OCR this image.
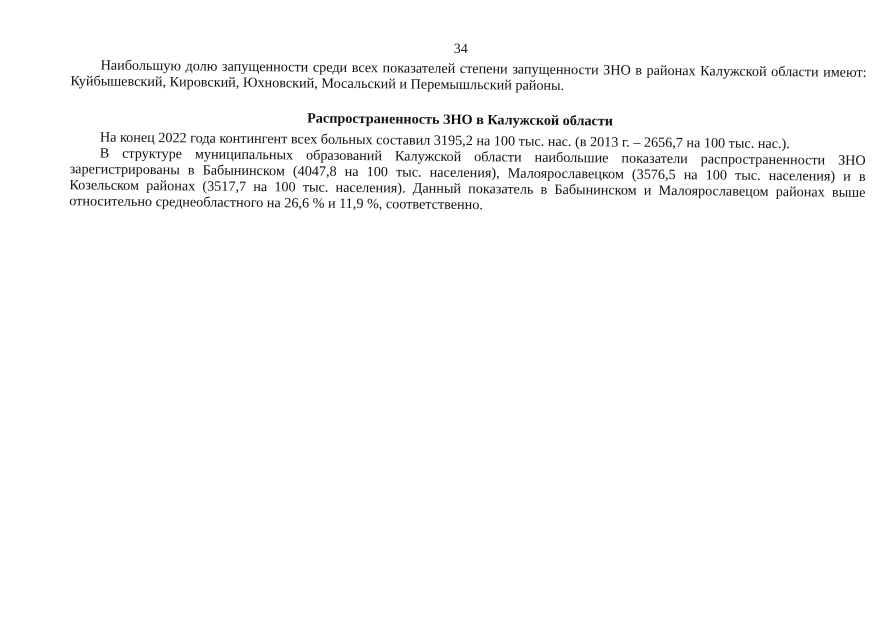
34

Наибольшую долю запущенности среди всех показателей степени запущенности ЗНО в районах Калужской области имеют: Куйбышевский, Кировский, Юхновский, Мосальский и Перемышльский районы.

Распространенность ЗНО в Калужской области

На конец 2022 года контингент всех больных составил 3195,2 на 100 тыс. нас. (в 2013 г. – 2656,7 на 100 тыс. нас.).

В структуре муниципальных образований Калужской области наибольшие показатели распространенности ЗНО зарегистрированы в Бабынинском (4047,8 на 100 тыс. населения), Малоярославецком (3576,5 на 100 тыс. населения) и в Козельском районах (3517,7 на 100 тыс. населения). Данный показатель в Бабынинском и Малоярославецом районах выше относительно среднеобластного на 26,6 % и 11,9 %, соответственно.
